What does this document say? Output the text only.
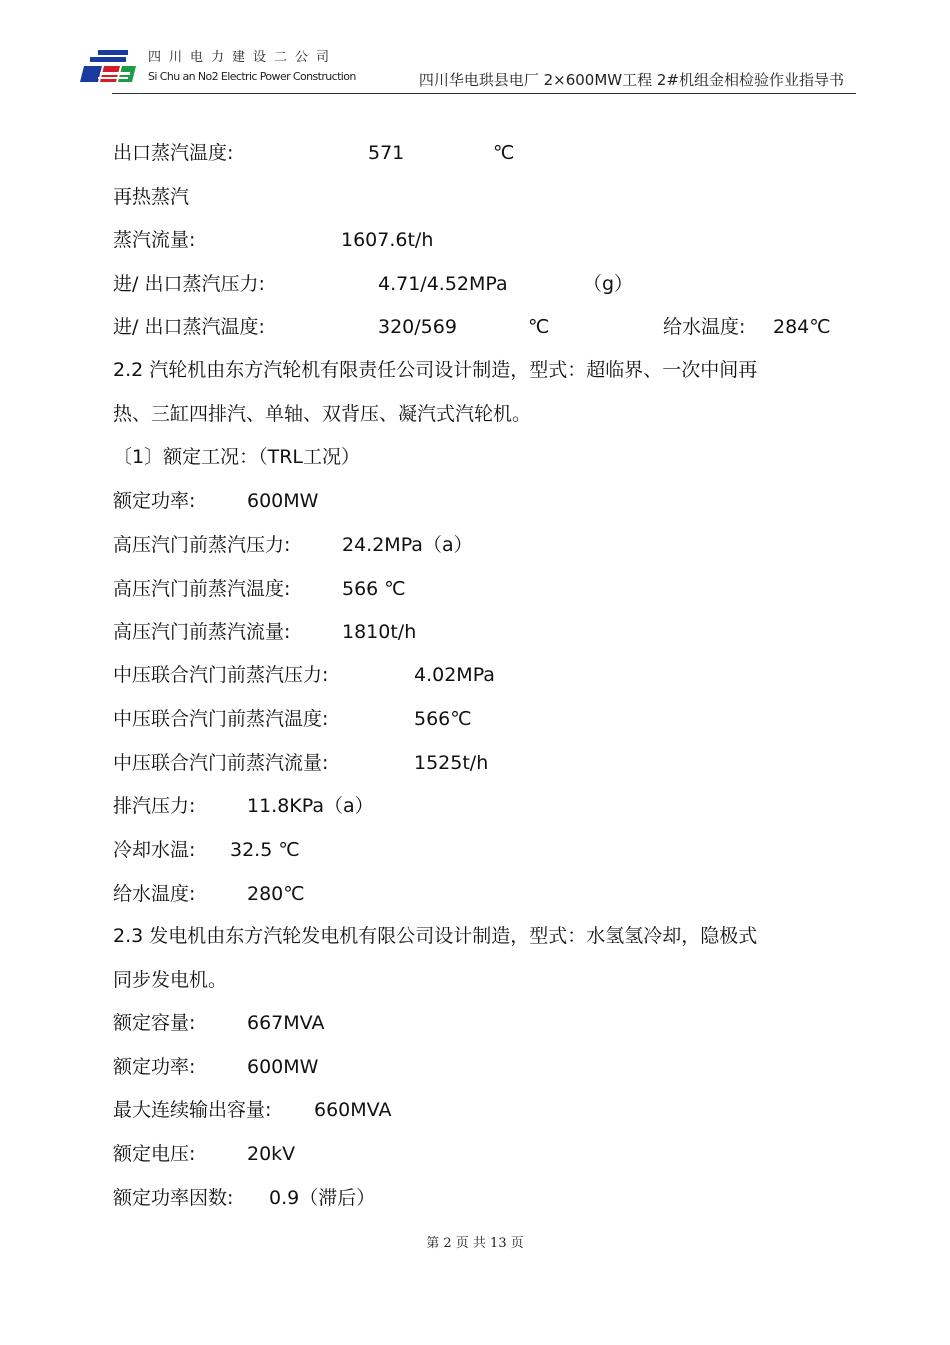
四川电力建设二公司
Si Chu an No2 Electric Power Construction	四川华电珙县电厂 2×600MW工程 2#机组金相检验作业指导书
出口蒸汽温度:	571	℃
再热蒸汽
蒸汽流量:	1607.6t/h
进/ 出口蒸汽压力:	4.71/4.52MPa	（g）
进/ 出口蒸汽温度:	320/569	℃	给水温度: 284℃
2.2 汽轮机由东方汽轮机有限责任公司设计制造，型式：超临界、一次中间再
热、三缸四排汽、单轴、双背压、凝汽式汽轮机。
〔1〕额定工况：（TRL工况）
额定功率:	600MW
高压汽门前蒸汽压力:	24.2MPa（a）
高压汽门前蒸汽温度:	566 ℃
高压汽门前蒸汽流量:	1810t/h
中压联合汽门前蒸汽压力:	4.02MPa
中压联合汽门前蒸汽温度:	566℃
中压联合汽门前蒸汽流量:	1525t/h
排汽压力:	11.8KPa（a）
冷却水温: 32.5 ℃
给水温度:	280℃
2.3 发电机由东方汽轮发电机有限公司设计制造，型式：水氢氢冷却，隐极式
同步发电机。
额定容量:	667MVA
额定功率:	600MW
最大连续输出容量: 660MVA
额定电压:	20kV
额定功率因数: 0.9（滞后）
第 2 页 共 13 页
